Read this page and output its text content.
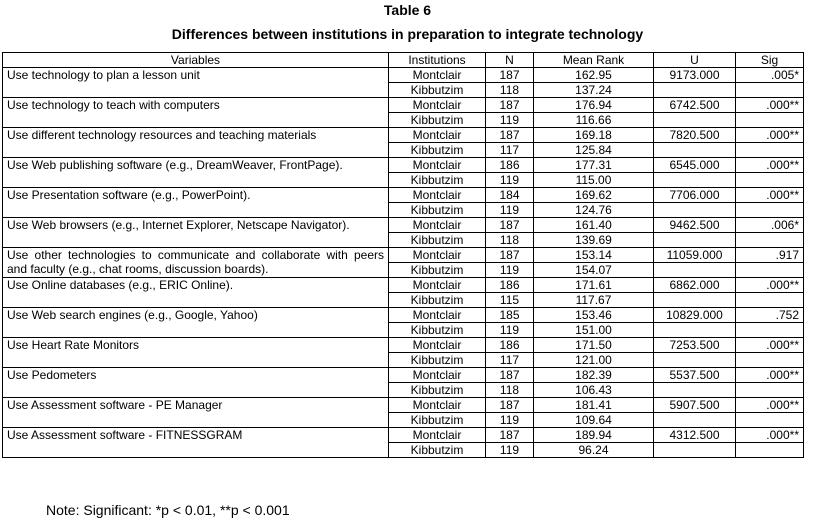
Table 6
Differences between institutions in preparation to integrate technology
Variables	Institutions	N	Mean Rank	U	Sig
Use technology to plan a lesson unit	Montclair	187	162.95	9173.000	.005*
	Kibbutzim	118	137.24		
Use technology to teach with computers	Montclair	187	176.94	6742.500	.000**
	Kibbutzim	119	116.66		
Use different technology resources and teaching materials	Montclair	187	169.18	7820.500	.000**
	Kibbutzim	117	125.84		
Use Web publishing software (e.g., DreamWeaver, FrontPage).	Montclair	186	177.31	6545.000	.000**
	Kibbutzim	119	115.00		
Use Presentation software (e.g., PowerPoint).	Montclair	184	169.62	7706.000	.000**
	Kibbutzim	119	124.76		
Use Web browsers (e.g., Internet Explorer, Netscape Navigator).	Montclair	187	161.40	9462.500	.006*
	Kibbutzim	118	139.69		
Use other technologies to communicate and collaborate with peers and faculty (e.g., chat rooms, discussion boards).	Montclair	187	153.14	11059.000	.917
	Kibbutzim	119	154.07		
Use Online databases (e.g., ERIC Online).	Montclair	186	171.61	6862.000	.000**
	Kibbutzim	115	117.67		
Use Web search engines (e.g., Google, Yahoo)	Montclair	185	153.46	10829.000	.752
	Kibbutzim	119	151.00		
Use Heart Rate Monitors	Montclair	186	171.50	7253.500	.000**
	Kibbutzim	117	121.00		
Use Pedometers	Montclair	187	182.39	5537.500	.000**
	Kibbutzim	118	106.43		
Use Assessment software - PE Manager	Montclair	187	181.41	5907.500	.000**
	Kibbutzim	119	109.64		
Use Assessment software - FITNESSGRAM	Montclair	187	189.94	4312.500	.000**
	Kibbutzim	119	96.24		
Note: Significant: *p < 0.01, **p < 0.001
